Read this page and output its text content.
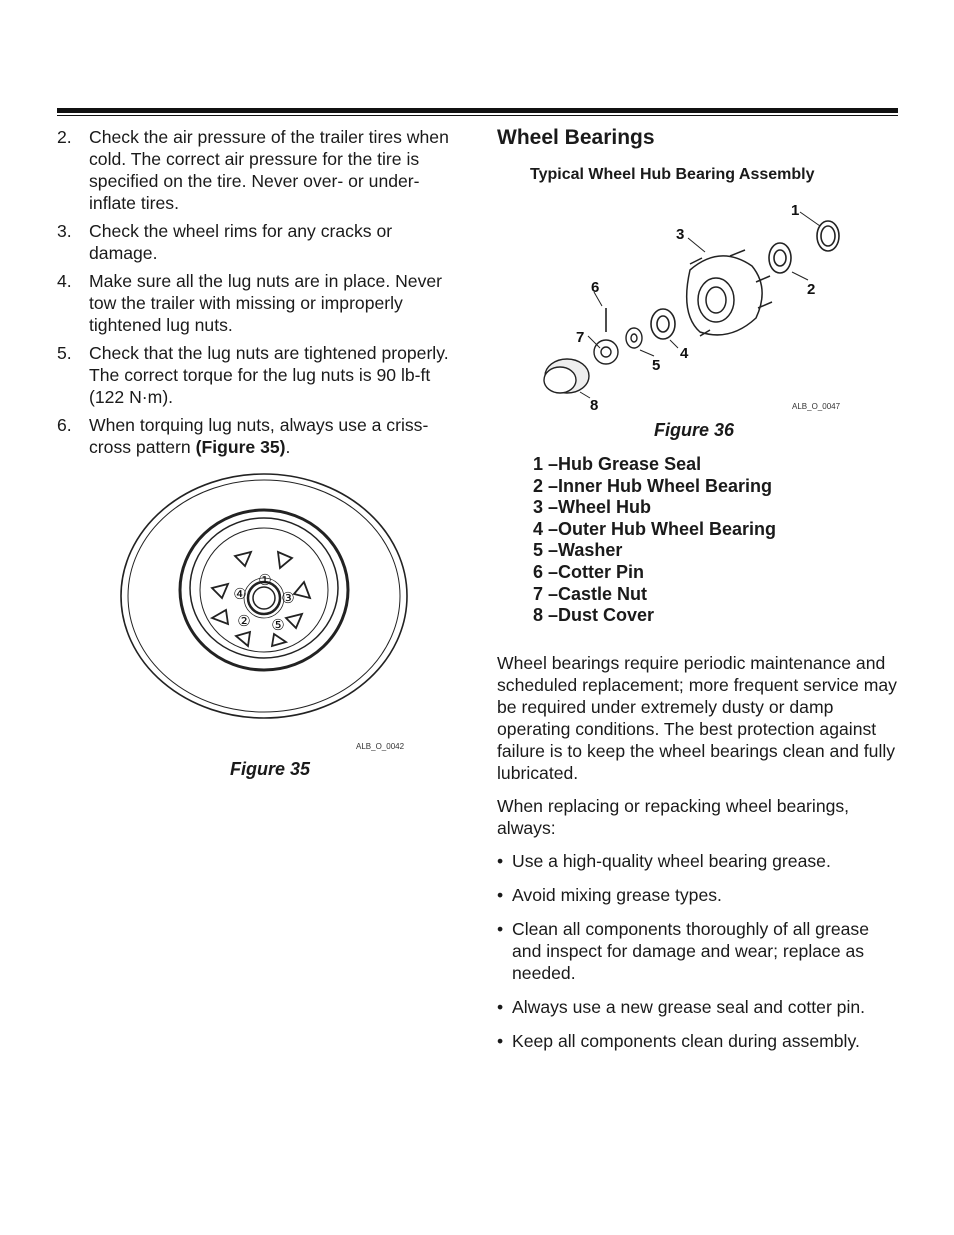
2. Check the air pressure of the trailer tires when cold. The correct air pressure for the tire is specified on the tire. Never over- or under-inflate tires.
3. Check the wheel rims for any cracks or damage.
4. Make sure all the lug nuts are in place. Never tow the trailer with missing or improperly tightened lug nuts.
5. Check that the lug nuts are tightened properly. The correct torque for the lug nuts is 90 lb-ft (122 N·m).
6. When torquing lug nuts, always use a criss-cross pattern (Figure 35).
①
②
③
④
⑤
ALB_O_0042
Figure 35
Wheel Bearings
Typical Wheel Hub Bearing Assembly
1
2
3
4
5
6
7
8	ALB_O_0047
Figure 36
1 –Hub Grease Seal
2 –Inner Hub Wheel Bearing
3 –Wheel Hub
4 –Outer Hub Wheel Bearing
5 –Washer
6 –Cotter Pin
7 –Castle Nut
8 –Dust Cover

Wheel bearings require periodic maintenance and scheduled replacement; more frequent service may be required under extremely dusty or damp operating conditions. The best protection against failure is to keep the wheel bearings clean and fully lubricated.

When replacing or repacking wheel bearings, always:

• Use a high-quality wheel bearing grease.
• Avoid mixing grease types.
• Clean all components thoroughly of all grease and inspect for damage and wear; replace as needed.
• Always use a new grease seal and cotter pin.
• Keep all components clean during assembly.
